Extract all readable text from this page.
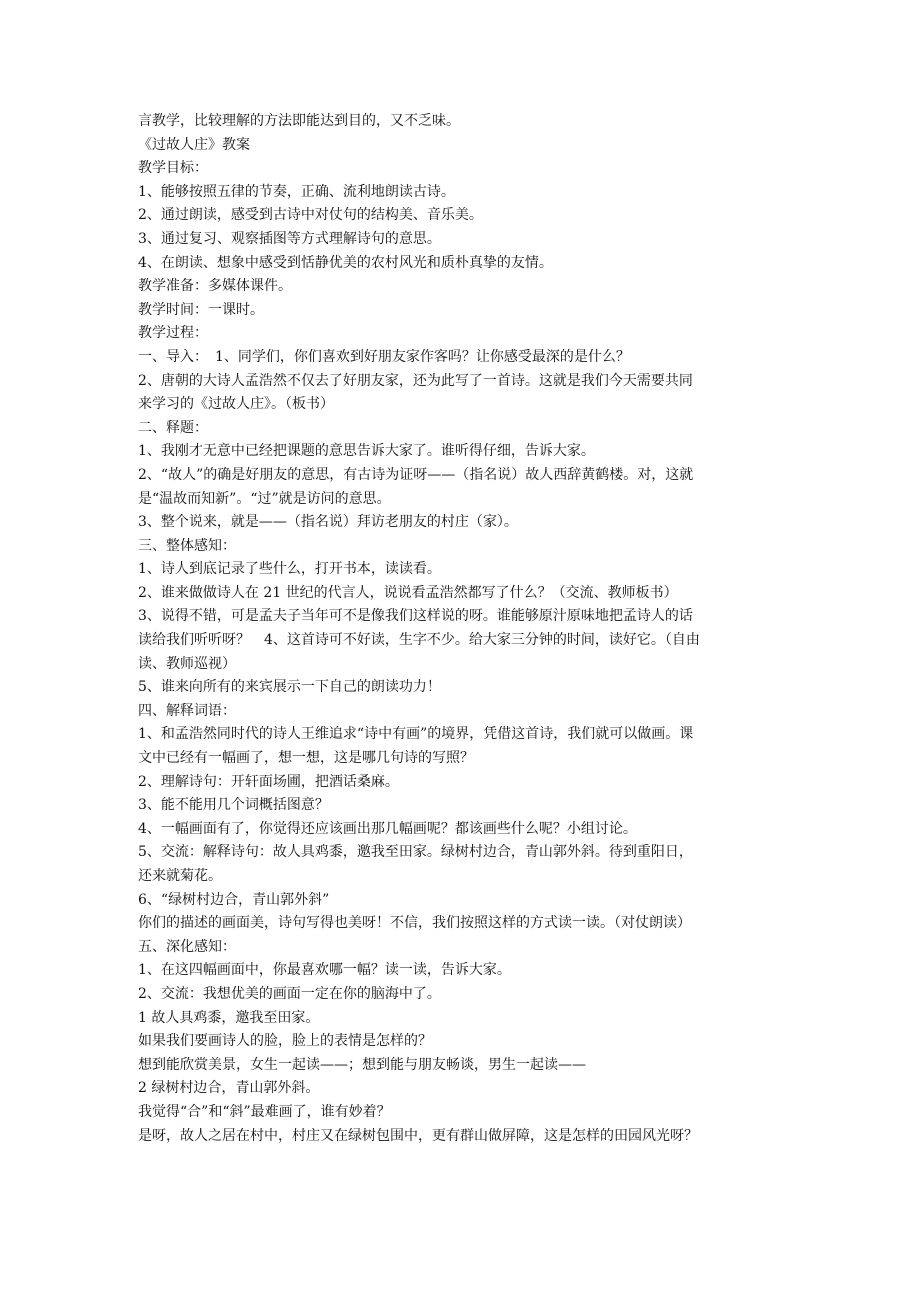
言教学，比较理解的方法即能达到目的，又不乏味。
《过故人庄》教案
教学目标：
1、能够按照五律的节奏，正确、流利地朗读古诗。
2、通过朗读，感受到古诗中对仗句的结构美、音乐美。
3、通过复习、观察插图等方式理解诗句的意思。
4、在朗读、想象中感受到恬静优美的农村风光和质朴真挚的友情。
教学准备：多媒体课件。
教学时间：一课时。
教学过程：
一、导入：　1、同学们，你们喜欢到好朋友家作客吗？让你感受最深的是什么？
2、唐朝的大诗人孟浩然不仅去了好朋友家，还为此写了一首诗。这就是我们今天需要共同
来学习的《过故人庄》。（板书）
二、释题：
1、我刚才无意中已经把课题的意思告诉大家了。谁听得仔细，告诉大家。
2、“故人”的确是好朋友的意思，有古诗为证呀——（指名说）故人西辞黄鹤楼。对，这就
是“温故而知新”。“过”就是访问的意思。
3、整个说来，就是——（指名说）拜访老朋友的村庄（家）。
三、整体感知：
1、诗人到底记录了些什么，打开书本，读读看。
2、谁来做做诗人在 21 世纪的代言人，说说看孟浩然都写了什么？（交流、教师板书）
3、说得不错，可是孟夫子当年可不是像我们这样说的呀。谁能够原汁原味地把孟诗人的话
读给我们听听呀？　4、这首诗可不好读，生字不少。给大家三分钟的时间，读好它。（自由
读、教师巡视）
5、谁来向所有的来宾展示一下自己的朗读功力！
四、解释词语：
1、和孟浩然同时代的诗人王维追求“诗中有画”的境界，凭借这首诗，我们就可以做画。课
文中已经有一幅画了，想一想，这是哪几句诗的写照？
2、理解诗句：开轩面场圃，把酒话桑麻。
3、能不能用几个词概括图意？
4、一幅画面有了，你觉得还应该画出那几幅画呢？都该画些什么呢？小组讨论。
5、交流：解释诗句：故人具鸡黍，邀我至田家。绿树村边合，青山郭外斜。待到重阳日，
还来就菊花。
6、“绿树村边合，青山郭外斜”
你们的描述的画面美，诗句写得也美呀！不信，我们按照这样的方式读一读。（对仗朗读）
五、深化感知：
1、在这四幅画面中，你最喜欢哪一幅？读一读，告诉大家。
2、交流：我想优美的画面一定在你的脑海中了。
1 故人具鸡黍，邀我至田家。
如果我们要画诗人的脸，脸上的表情是怎样的？
想到能欣赏美景，女生一起读——；想到能与朋友畅谈，男生一起读——
2 绿树村边合，青山郭外斜。
我觉得“合”和“斜”最难画了，谁有妙着？
是呀，故人之居在村中，村庄又在绿树包围中，更有群山做屏障，这是怎样的田园风光呀？
